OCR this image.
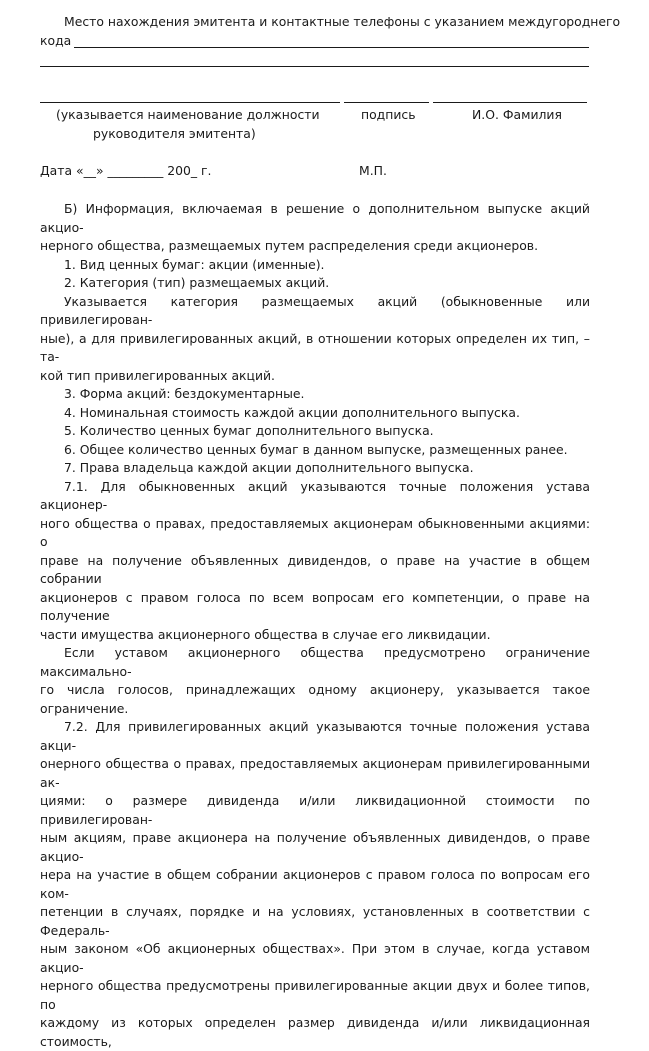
Место нахождения эмитента и контактные телефоны с указанием междугороднего
кода
(указывается наименование должности	подпись	И.О. Фамилия
руководителя эмитента)
Дата «__» _________ 200_ г.	М.П.

Б) Информация, включаемая в решение о дополнительном выпуске акций акцио-

нерного общества, размещаемых путем распределения среди акционеров.

1. Вид ценных бумаг: акции (именные).

2. Категория (тип) размещаемых акций.

Указывается категория размещаемых акций (обыкновенные или привилегирован-

ные), а для привилегированных акций, в отношении которых определен их тип, – та-

кой тип привилегированных акций.

3. Форма акций: бездокументарные.

4. Номинальная стоимость каждой акции дополнительного выпуска.

5. Количество ценных бумаг дополнительного выпуска.

6. Общее количество ценных бумаг в данном выпуске, размещенных ранее.

7. Права владельца каждой акции дополнительного выпуска.

7.1. Для обыкновенных акций указываются точные положения устава акционер-

ного общества о правах, предоставляемых акционерам обыкновенными акциями: о

праве на получение объявленных дивидендов, о праве на участие в общем собрании

акционеров с правом голоса по всем вопросам его компетенции, о праве на получение

части имущества акционерного общества в случае его ликвидации.

Если уставом акционерного общества предусмотрено ограничение максимально-

го числа голосов, принадлежащих одному акционеру, указывается такое ограничение.

7.2. Для привилегированных акций указываются точные положения устава акци-

онерного общества о правах, предоставляемых акционерам привилегированными ак-

циями: о размере дивиденда и/или ликвидационной стоимости по привилегирован-

ным акциям, праве акционера на получение объявленных дивидендов, о праве акцио-

нера на участие в общем собрании акционеров с правом голоса по вопросам его ком-

петенции в случаях, порядке и на условиях, установленных в соответствии с Федераль-

ным законом «Об акционерных обществах». При этом в случае, когда уставом акцио-

нерного общества предусмотрены привилегированные акции двух и более типов, по

каждому из которых определен размер дивиденда и/или ликвидационная стоимость,
